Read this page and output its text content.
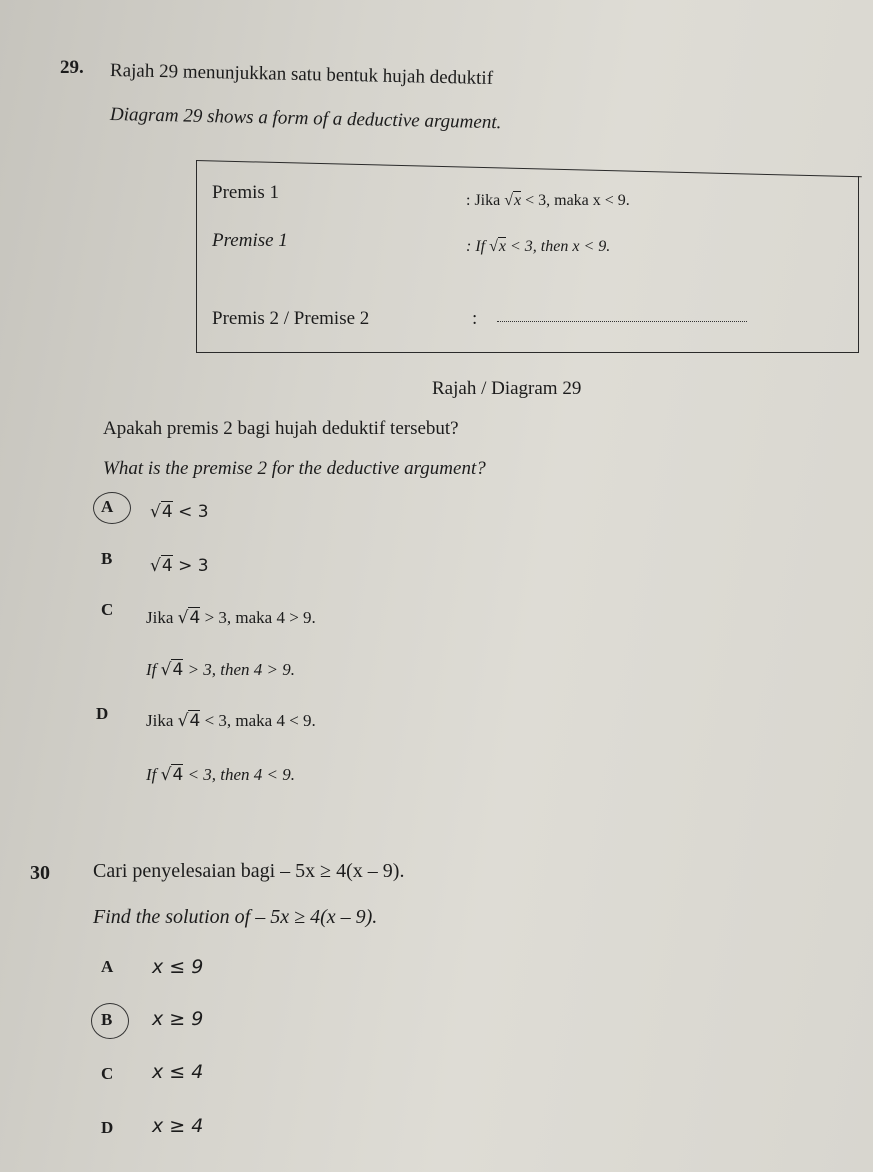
29. Rajah 29 menunjukkan satu bentuk hujah deduktif
Diagram 29 shows a form of a deductive argument.
Premis 1	: Jika √x < 3, maka x < 9.
Premise 1	: If √x < 3, then x < 9.
Premis 2 / Premise 2	:
Rajah / Diagram 29
Apakah premis 2 bagi hujah deduktif tersebut?
What is the premise 2 for the deductive argument?
A √4 < 3
B √4 > 3
C Jika √4 > 3, maka 4 > 9.
If √4 > 3, then 4 > 9.
D Jika √4 < 3, maka 4 < 9.
If √4 < 3, then 4 < 9.
30 Cari penyelesaian bagi – 5x ≥ 4(x – 9).
Find the solution of – 5x ≥ 4(x – 9).
A x ≤ 9
B x ≥ 9
C x ≤ 4
D x ≥ 4
